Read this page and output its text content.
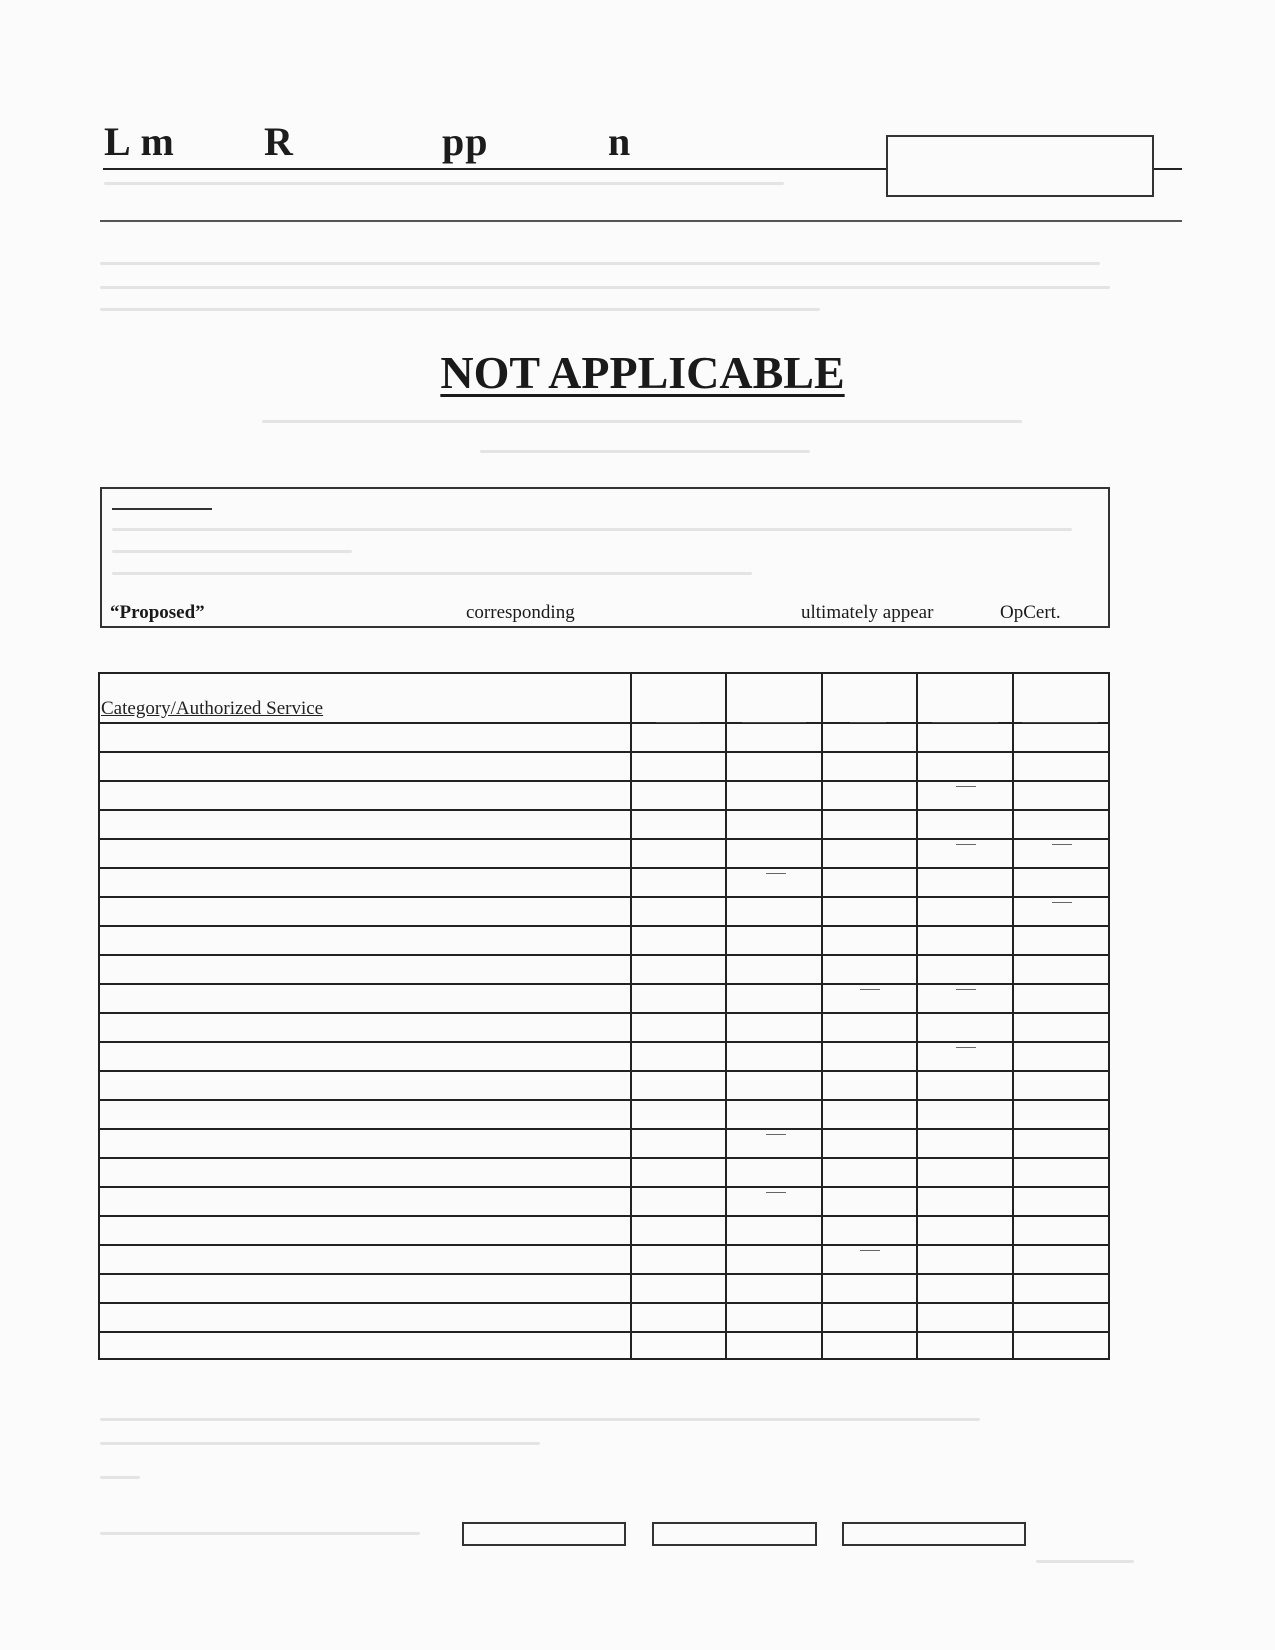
L m R	pp	n
NOT APPLICABLE
“Proposed”	corresponding	ultimately appear	OpCert.
Category/Authorized Service
